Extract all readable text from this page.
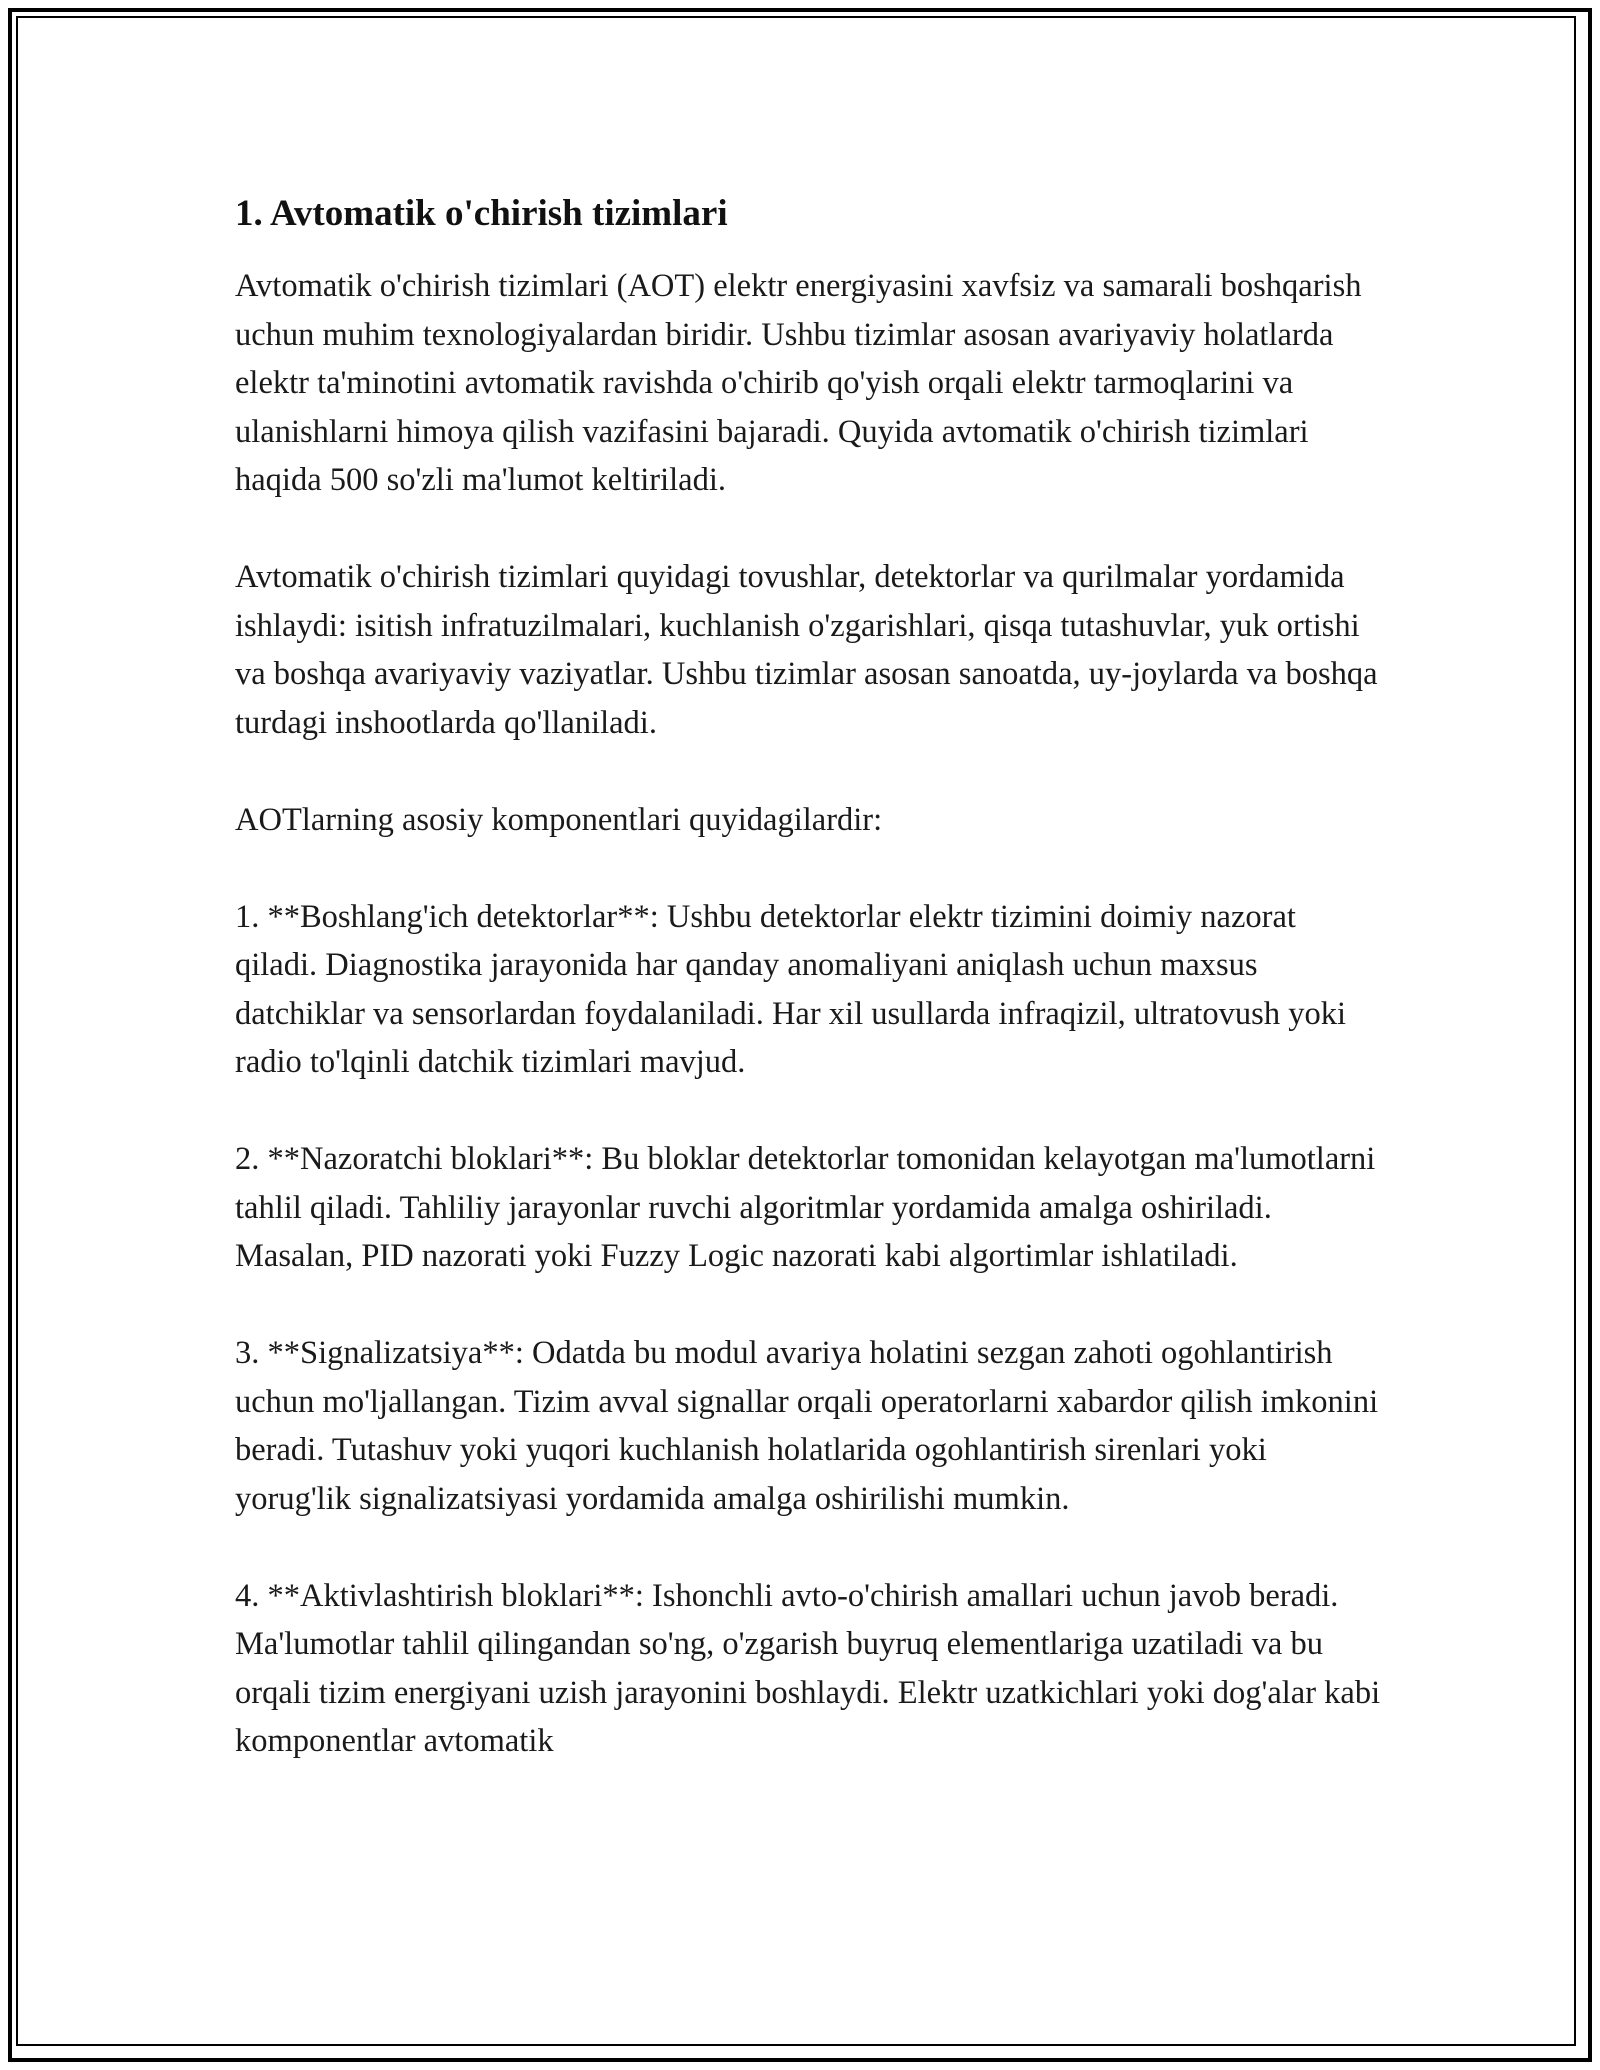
1. Avtomatik o'chirish tizimlari

Avtomatik o'chirish tizimlari (AOT) elektr energiyasini xavfsiz va samarali boshqarish uchun muhim texnologiyalardan biridir. Ushbu tizimlar asosan avariyaviy holatlarda elektr ta'minotini avtomatik ravishda o'chirib qo'yish orqali elektr tarmoqlarini va ulanishlarni himoya qilish vazifasini bajaradi. Quyida avtomatik o'chirish tizimlari haqida 500 so'zli ma'lumot keltiriladi.

Avtomatik o'chirish tizimlari quyidagi tovushlar, detektorlar va qurilmalar yordamida ishlaydi: isitish infratuzilmalari, kuchlanish o'zgarishlari, qisqa tutashuvlar, yuk ortishi va boshqa avariyaviy vaziyatlar. Ushbu tizimlar asosan sanoatda, uy-joylarda va boshqa turdagi inshootlarda qo'llaniladi.

AOTlarning asosiy komponentlari quyidagilardir:

1. **Boshlang'ich detektorlar**: Ushbu detektorlar elektr tizimini doimiy nazorat qiladi. Diagnostika jarayonida har qanday anomaliyani aniqlash uchun maxsus datchiklar va sensorlardan foydalaniladi. Har xil usullarda infraqizil, ultratovush yoki radio to'lqinli datchik tizimlari mavjud.

2. **Nazoratchi bloklari**: Bu bloklar detektorlar tomonidan kelayotgan ma'lumotlarni tahlil qiladi. Tahliliy jarayonlar ruvchi algoritmlar yordamida amalga oshiriladi. Masalan, PID nazorati yoki Fuzzy Logic nazorati kabi algortimlar ishlatiladi.

3. **Signalizatsiya**: Odatda bu modul avariya holatini sezgan zahoti ogohlantirish uchun mo'ljallangan. Tizim avval signallar orqali operatorlarni xabardor qilish imkonini beradi. Tutashuv yoki yuqori kuchlanish holatlarida ogohlantirish sirenlari yoki yorug'lik signalizatsiyasi yordamida amalga oshirilishi mumkin.

4. **Aktivlashtirish bloklari**: Ishonchli avto-o'chirish amallari uchun javob beradi. Ma'lumotlar tahlil qilingandan so'ng, o'zgarish buyruq elementlariga uzatiladi va bu orqali tizim energiyani uzish jarayonini boshlaydi. Elektr uzatkichlari yoki dog'alar kabi komponentlar avtomatik
